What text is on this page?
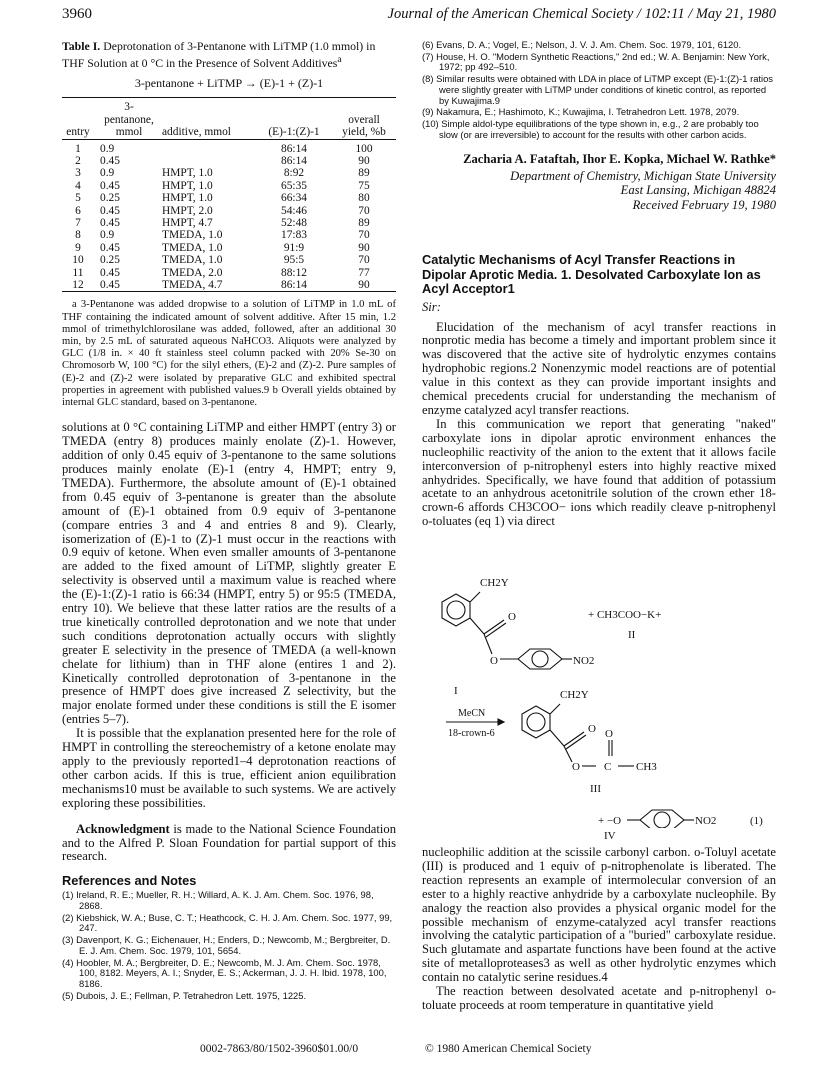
3960	Journal of the American Chemical Society / 102:11 / May 21, 1980

Table I. Deprotonation of 3-Pentanone with LiTMP (1.0 mmol) in THF Solution at 0 °C in the Presence of Solvent Additives$^a$

3-pentanone + LiTMP → (E)-1 + (Z)-1

entry	3-pentanone, mmol	additive, mmol	(E)-1:(Z)-1	overall yield, %b

1	0.9		86:14	100
2	0.45		86:14	90
3	0.9	HMPT, 1.0	8:92	89
4	0.45	HMPT, 1.0	65:35	75
5	0.25	HMPT, 1.0	66:34	80
6	0.45	HMPT, 2.0	54:46	70
7	0.45	HMPT, 4.7	52:48	89
8	0.9	TMEDA, 1.0	17:83	70
9	0.45	TMEDA, 1.0	91:9	90
10	0.25	TMEDA, 1.0	95:5	70
11	0.45	TMEDA, 2.0	88:12	77
12	0.45	TMEDA, 4.7	86:14	90

a 3-Pentanone was added dropwise to a solution of LiTMP in 1.0 mL of THF containing the indicated amount of solvent additive. After 15 min, 1.2 mmol of trimethylchlorosilane was added, followed, after an additional 30 min, by 2.5 mL of saturated aqueous NaHCO3. Aliquots were analyzed by GLC (1/8 in. × 40 ft stainless steel column packed with 20% Se-30 on Chromosorb W, 100 °C) for the silyl ethers, (E)-2 and (Z)-2. Pure samples of (E)-2 and (Z)-2 were isolated by preparative GLC and exhibited spectral properties in agreement with published values.9 b Overall yields obtained by internal GLC standard, based on 3-pentanone.

solutions at 0 °C containing LiTMP and either HMPT (entry 3) or TMEDA (entry 8) produces mainly enolate (Z)-1. However, addition of only 0.45 equiv of 3-pentanone to the same solutions produces mainly enolate (E)-1 (entry 4, HMPT; entry 9, TMEDA). Furthermore, the absolute amount of (E)-1 obtained from 0.45 equiv of 3-pentanone is greater than the absolute amount of (E)-1 obtained from 0.9 equiv of 3-pentanone (compare entries 3 and 4 and entries 8 and 9). Clearly, isomerization of (E)-1 to (Z)-1 must occur in the reactions with 0.9 equiv of ketone. When even smaller amounts of 3-pentanone are added to the fixed amount of LiTMP, slightly greater E selectivity is observed until a maximum value is reached where the (E)-1:(Z)-1 ratio is 66:34 (HMPT, entry 5) or 95:5 (TMEDA, entry 10). We believe that these latter ratios are the results of a true kinetically controlled deprotonation and we note that under such conditions deprotonation actually occurs with slightly greater E selectivity in the presence of TMEDA (a well-known chelate for lithium) than in THF alone (entires 1 and 2). Kinetically controlled deprotonation of 3-pentanone in the presence of HMPT does give increased Z selectivity, but the major enolate formed under these conditions is still the E isomer (entries 5–7).

It is possible that the explanation presented here for the role of HMPT in controlling the stereochemistry of a ketone enolate may apply to the previously reported1–4 deprotonation reactions of other carbon acids. If this is true, efficient anion equilibration mechanisms10 must be available to such systems. We are actively exploring these possibilities.

Acknowledgment is made to the National Science Foundation and to the Alfred P. Sloan Foundation for partial support of this research.

References and Notes
(1) Ireland, R. E.; Mueller, R. H.; Willard, A. K. J. Am. Chem. Soc. 1976, 98, 2868.
(2) Kiebshick, W. A.; Buse, C. T.; Heathcock, C. H. J. Am. Chem. Soc. 1977, 99, 247.
(3) Davenport, K. G.; Eichenauer, H.; Enders, D.; Newcomb, M.; Bergbreiter, D. E. J. Am. Chem. Soc. 1979, 101, 5654.
(4) Hoobler, M. A.; Bergbreiter, D. E.; Newcomb, M. J. Am. Chem. Soc. 1978, 100, 8182. Meyers, A. I.; Snyder, E. S.; Ackerman, J. J. H. Ibid. 1978, 100, 8186.
(5) Dubois, J. E.; Fellman, P. Tetrahedron Lett. 1975, 1225.
(6) Evans, D. A.; Vogel, E.; Nelson, J. V. J. Am. Chem. Soc. 1979, 101, 6120.
(7) House, H. O. "Modern Synthetic Reactions," 2nd ed.; W. A. Benjamin: New York, 1972; pp 492–510.
(8) Similar results were obtained with LDA in place of LiTMP except (E)-1:(Z)-1 ratios were slightly greater with LiTMP under conditions of kinetic control, as reported by Kuwajima.9
(9) Nakamura, E.; Hashimoto, K.; Kuwajima, I. Tetrahedron Lett. 1978, 2079.
(10) Simple aldol-type equilibrations of the type shown in, e.g., 2 are probably too slow (or are irreversible) to account for the results with other carbon acids.
Zacharia A. Fataftah, Ihor E. Kopka, Michael W. Rathke*
Department of Chemistry, Michigan State University
East Lansing, Michigan 48824
Received February 19, 1980
Catalytic Mechanisms of Acyl Transfer Reactions in Dipolar Aprotic Media. 1. Desolvated Carboxylate Ion as Acyl Acceptor1
Sir:

Elucidation of the mechanism of acyl transfer reactions in nonprotic media has become a timely and important problem since it was discovered that the active site of hydrolytic enzymes contains hydrophobic regions.2 Nonenzymic model reactions are of potential value in this context as they can provide important insights and chemical precedents crucial for understanding the mechanism of enzyme catalyzed acyl transfer reactions.

In this communication we report that generating "naked" carboxylate ions in dipolar aprotic environment enhances the nucleophilic reactivity of the anion to the extent that it allows facile interconversion of p-nitrophenyl esters into highly reactive mixed anhydrides. Specifically, we have found that addition of potassium acetate to an anhydrous acetonitrile solution of the crown ether 18-crown-6 affords CH3COO− ions which readily cleave p-nitrophenyl o-toluates (eq 1) via direct

CH2Y
O
O	NO2
+ CH3COO−K+
II
I
MeCN
18-crown-6
CH2Y
O O
O C CH3
III
+ −O	NO2	(1)
IV

nucleophilic addition at the scissile carbonyl carbon. o-Toluyl acetate (III) is produced and 1 equiv of p-nitrophenolate is liberated. The reaction represents an example of intermolecular conversion of an ester to a highly reactive anhydride by a carboxylate nucleophile. By analogy the reaction also provides a physical organic model for the possible mechanism of enzyme-catalyzed acyl transfer reactions involving the catalytic participation of a "buried" carboxylate residue. Such glutamate and aspartate functions have been found at the active site of metalloproteases3 as well as other hydrolytic enzymes which contain no catalytic serine residues.4

The reaction between desolvated acetate and p-nitrophenyl o-toluate proceeds at room temperature in quantitative yield

0002-7863/80/1502-3960$01.00/0	© 1980 American Chemical Society
